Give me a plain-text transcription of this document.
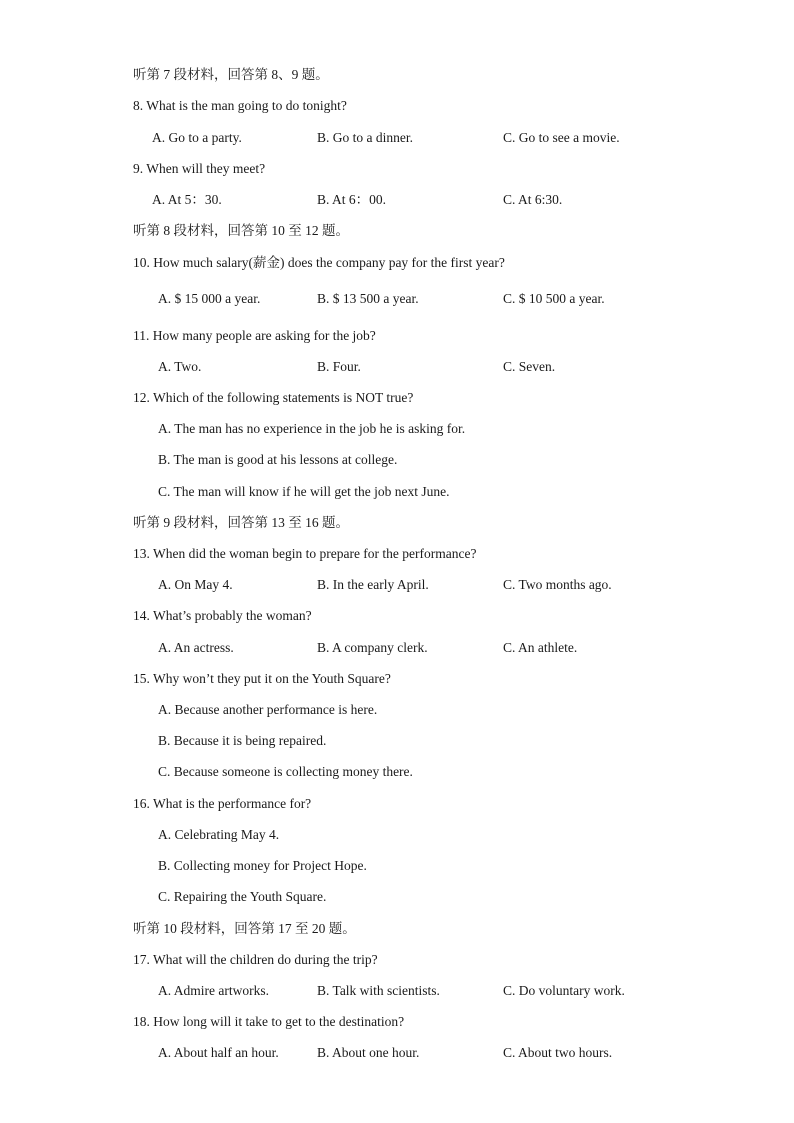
听第 7 段材料，回答第 8、9 题。
8. What is the man going to do tonight?
A. Go to a party.	B. Go to a dinner.	C. Go to see a movie.
9. When will they meet?
A. At 5：30.	B. At 6：00.	C. At 6:30.
听第 8 段材料，回答第 10 至 12 题。
10. How much salary(薪金) does the company pay for the first year?
A. $ 15 000 a year.	B. $ 13 500 a year.	C. $ 10 500 a year.
11. How many people are asking for the job?
A. Two.	B. Four.	C. Seven.
12. Which of the following statements is NOT true?
A. The man has no experience in the job he is asking for.
B. The man is good at his lessons at college.
C. The man will know if he will get the job next June.
听第 9 段材料，回答第 13 至 16 题。
13. When did the woman begin to prepare for the performance?
A. On May 4.	B. In the early April.	C. Two months ago.
14. What’s probably the woman?
A. An actress.	B. A company clerk.	C. An athlete.
15. Why won’t they put it on the Youth Square?
A. Because another performance is here.
B. Because it is being repaired.
C. Because someone is collecting money there.
16. What is the performance for?
A. Celebrating May 4.
B. Collecting money for Project Hope.
C. Repairing the Youth Square.
听第 10 段材料，回答第 17 至 20 题。
17. What will the children do during the trip?
A. Admire artworks.	B. Talk with scientists.	C. Do voluntary work.
18. How long will it take to get to the destination?
A. About half an hour.	B. About one hour.	C. About two hours.
